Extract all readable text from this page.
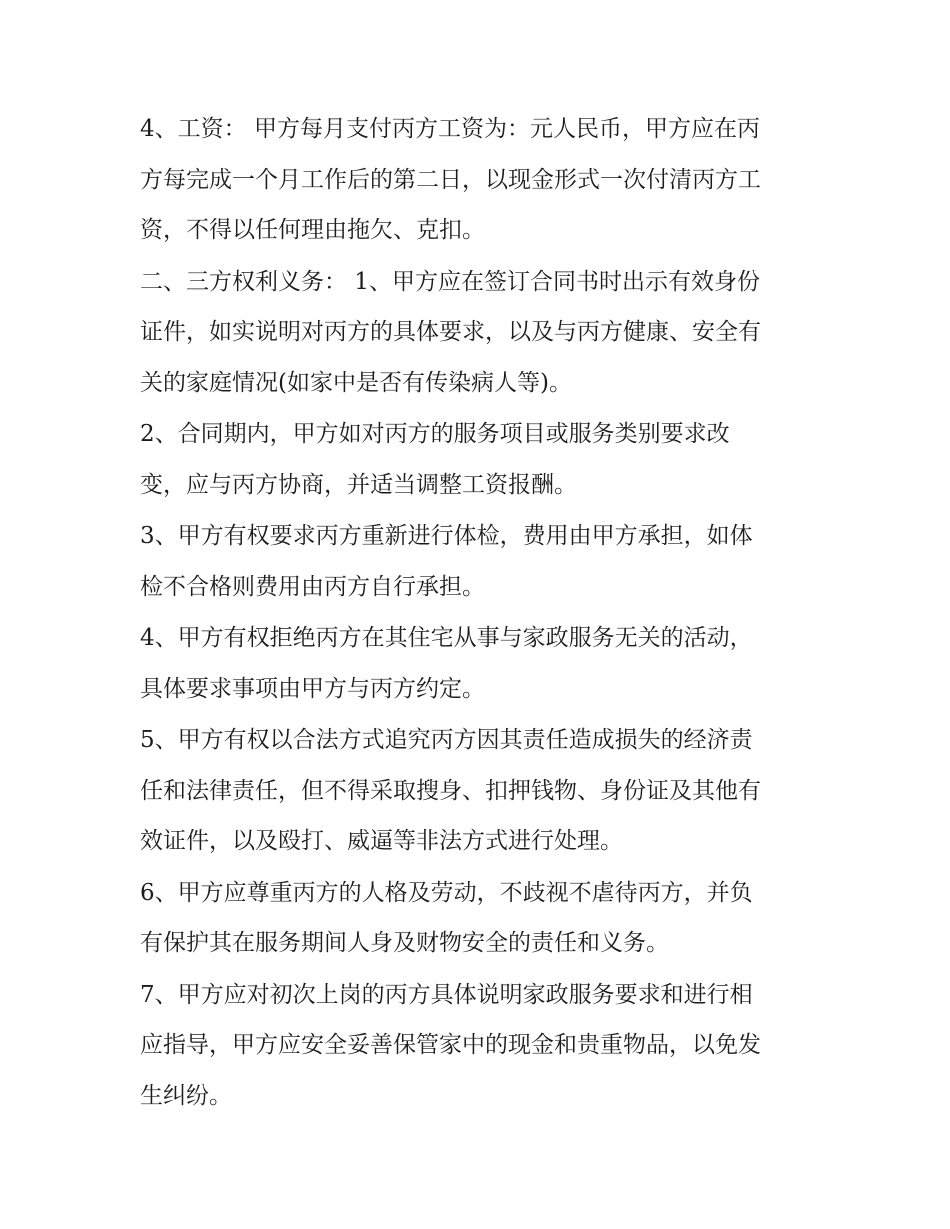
4、工资： 甲方每月支付丙方工资为：元人民币，甲方应在丙
方每完成一个月工作后的第二日，以现金形式一次付清丙方工
资，不得以任何理由拖欠、克扣。

二、三方权利义务： 1、甲方应在签订合同书时出示有效身份
证件，如实说明对丙方的具体要求，以及与丙方健康、安全有
关的家庭情况(如家中是否有传染病人等)。

2、合同期内，甲方如对丙方的服务项目或服务类别要求改
变，应与丙方协商，并适当调整工资报酬。

3、甲方有权要求丙方重新进行体检，费用由甲方承担，如体
检不合格则费用由丙方自行承担。

4、甲方有权拒绝丙方在其住宅从事与家政服务无关的活动，
具体要求事项由甲方与丙方约定。

5、甲方有权以合法方式追究丙方因其责任造成损失的经济责
任和法律责任，但不得采取搜身、扣押钱物、身份证及其他有
效证件，以及殴打、威逼等非法方式进行处理。

6、甲方应尊重丙方的人格及劳动，不歧视不虐待丙方，并负
有保护其在服务期间人身及财物安全的责任和义务。

7、甲方应对初次上岗的丙方具体说明家政服务要求和进行相
应指导，甲方应安全妥善保管家中的现金和贵重物品，以免发
生纠纷。
